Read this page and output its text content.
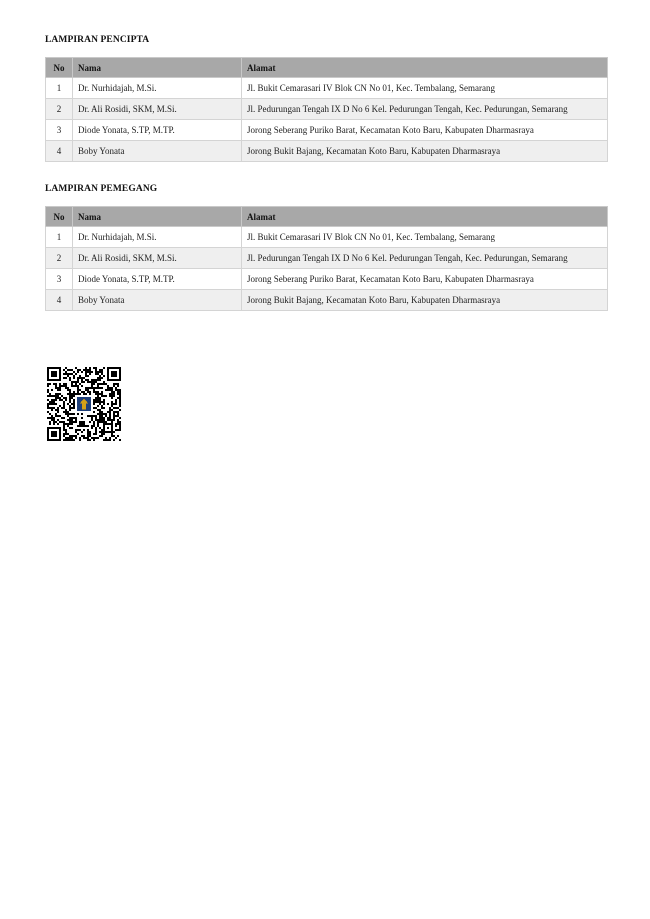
LAMPIRAN PENCIPTA
No	Nama	Alamat
1	Dr. Nurhidajah, M.Si.	Jl. Bukit Cemarasari IV Blok CN No 01, Kec. Tembalang, Semarang
2	Dr. Ali Rosidi, SKM, M.Si.	Jl. Pedurungan Tengah IX D No 6 Kel. Pedurungan Tengah, Kec. Pedurungan, Semarang
3	Diode Yonata, S.TP, M.TP.	Jorong Seberang Puriko Barat, Kecamatan Koto Baru, Kabupaten Dharmasraya
4	Boby Yonata	Jorong Bukit Bajang, Kecamatan Koto Baru, Kabupaten Dharmasraya
LAMPIRAN PEMEGANG
No	Nama	Alamat
1	Dr. Nurhidajah, M.Si.	Jl. Bukit Cemarasari IV Blok CN No 01, Kec. Tembalang, Semarang
2	Dr. Ali Rosidi, SKM, M.Si.	Jl. Pedurungan Tengah IX D No 6 Kel. Pedurungan Tengah, Kec. Pedurungan, Semarang
3	Diode Yonata, S.TP, M.TP.	Jorong Seberang Puriko Barat, Kecamatan Koto Baru, Kabupaten Dharmasraya
4	Boby Yonata	Jorong Bukit Bajang, Kecamatan Koto Baru, Kabupaten Dharmasraya
